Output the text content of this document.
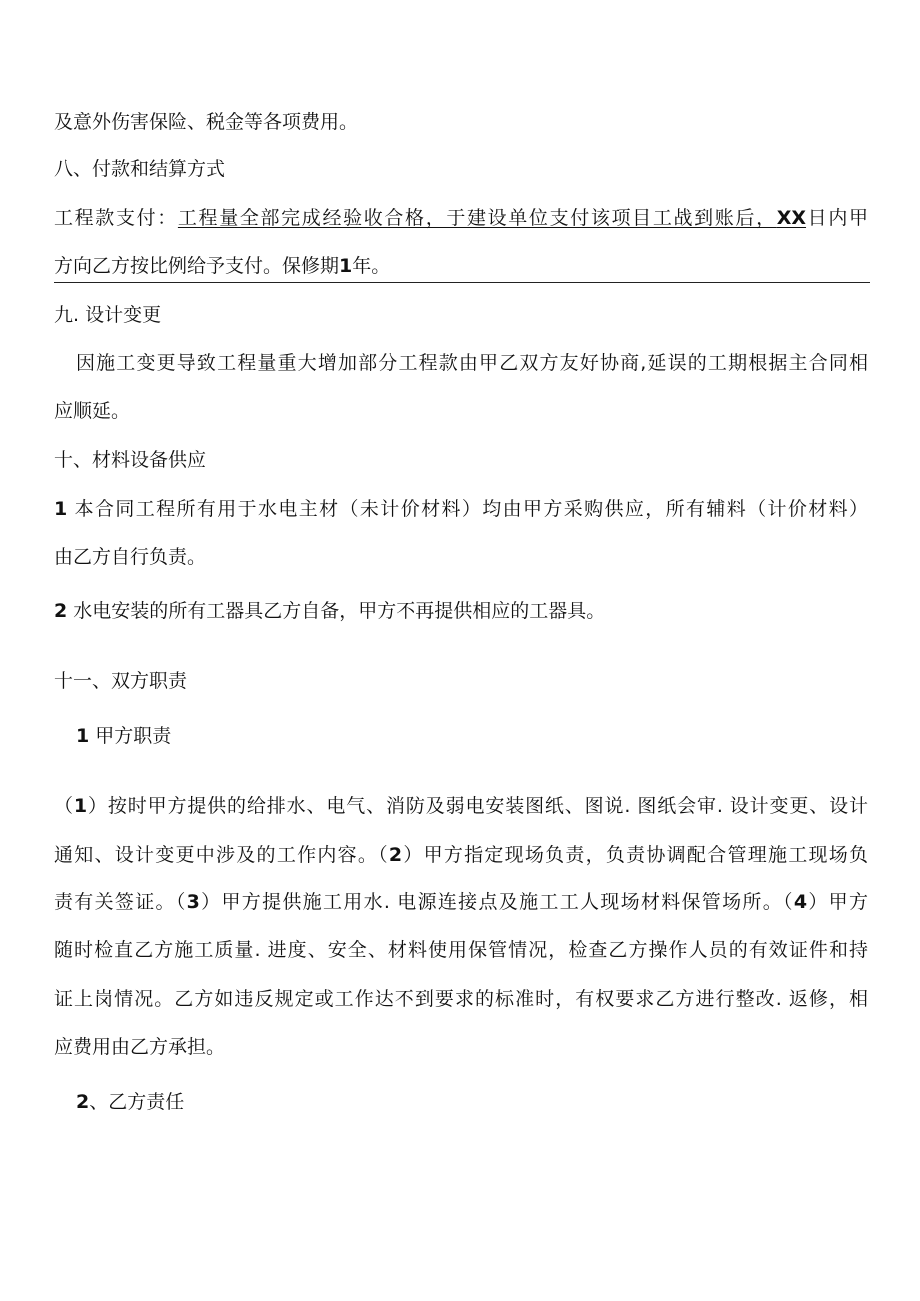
及意外伤害保险、税金等各项费用。
八、付款和结算方式
工程款支付：工程量全部完成经验收合格，于建设单位支付该项目工战到账后，XX日内甲
方向乙方按比例给予支付。保修期1年。
九. 设计变更
因施工变更导致工程量重大增加部分工程款由甲乙双方友好协商,延误的工期根据主合同相
应顺延。
十、材料设备供应
1 本合同工程所有用于水电主材（未计价材料）均由甲方采购供应，所有辅料（计价材料）
由乙方自行负责。
2 水电安装的所有工器具乙方自备，甲方不再提供相应的工器具。
十一、双方职责
1 甲方职责
（1）按时甲方提供的给排水、电气、消防及弱电安装图纸、图说. 图纸会审. 设计变更、设计
通知、设计变更中涉及的工作内容。（2）甲方指定现场负责，负责协调配合管理施工现场负
责有关签证。（3）甲方提供施工用水. 电源连接点及施工工人现场材料保管场所。（4）甲方
随时检直乙方施工质量. 进度、安全、材料使用保管情况，检查乙方操作人员的有效证件和持
证上岗情况。乙方如违反规定或工作达不到要求的标准时，有权要求乙方进行整改. 返修，相
应费用由乙方承担。
2、乙方责任
